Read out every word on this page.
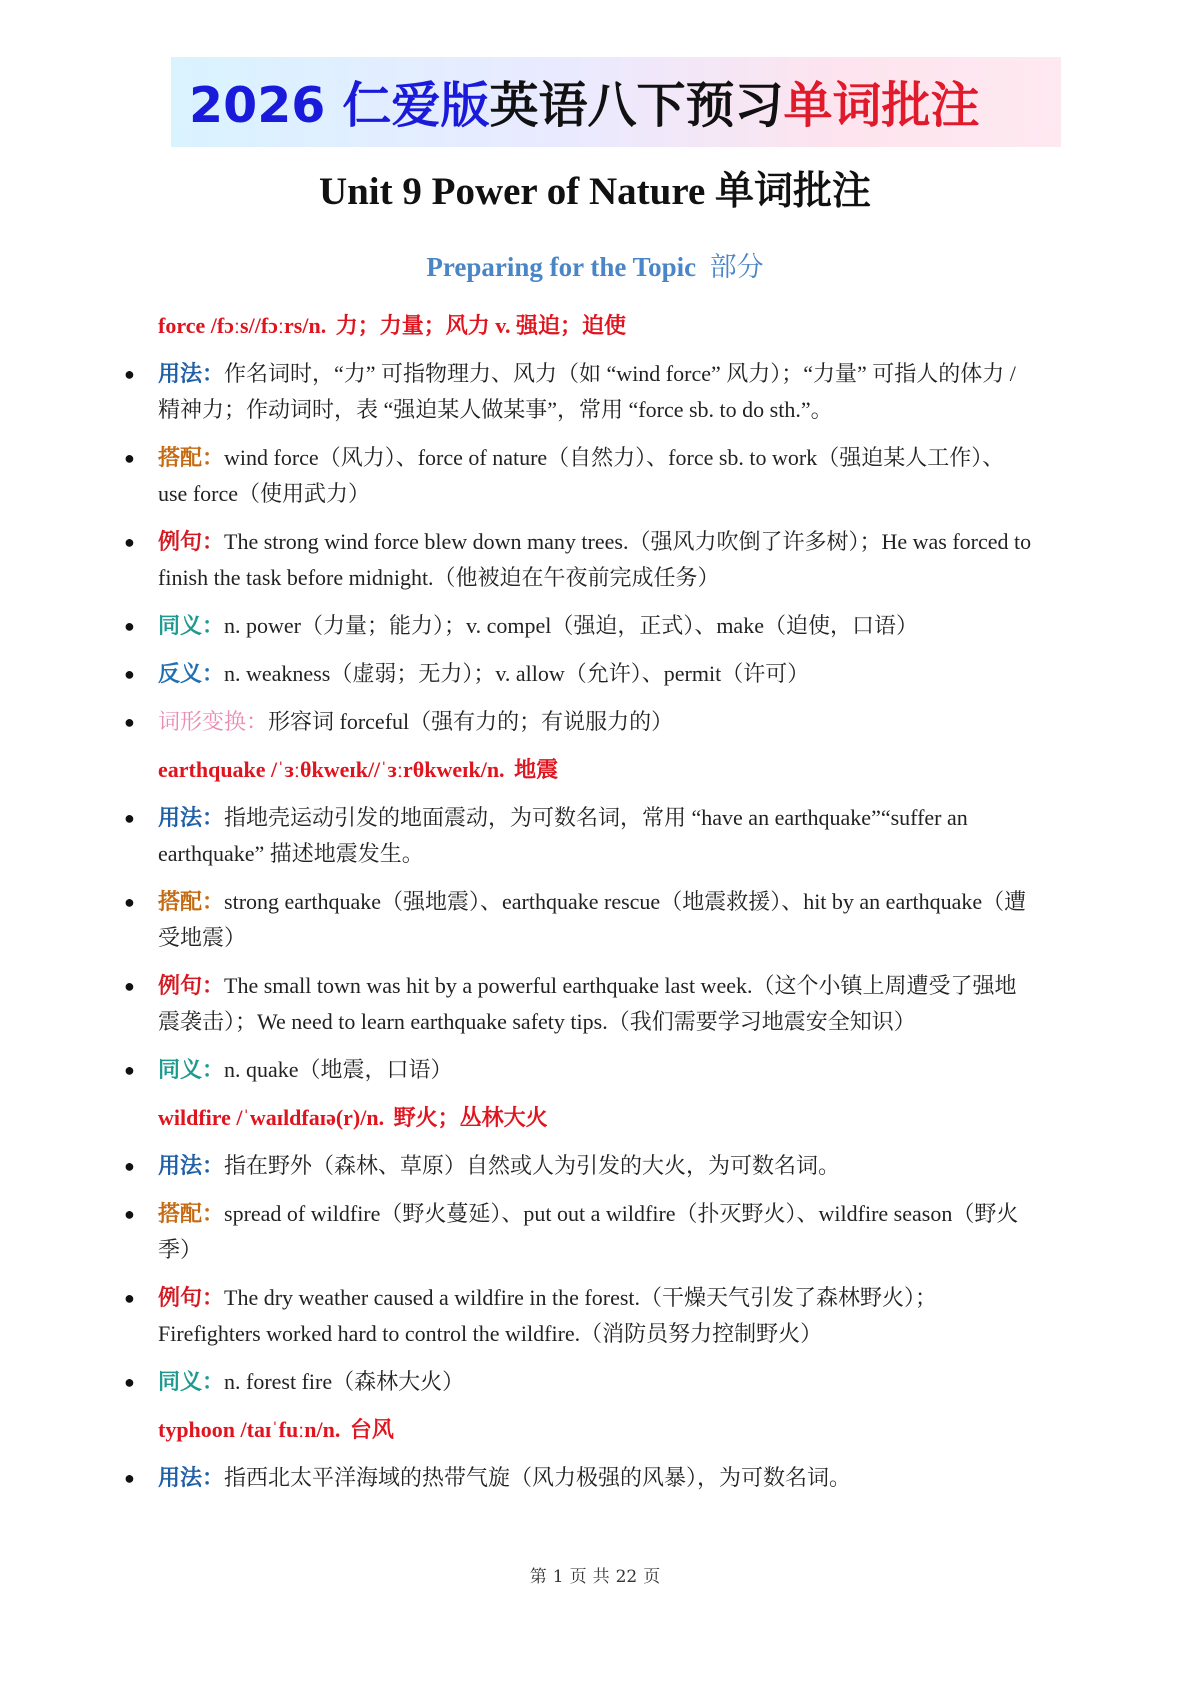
2026 仁爱版 英语八下预习 单词批注
Unit 9 Power of Nature 单词批注
Preparing for the Topic 部分
force /fɔːs//fɔːrs/n. 力；力量；风力 v. 强迫；迫使
● 用法：作名词时，“力” 可指物理力、风力（如 “wind force” 风力）；“力量” 可指人的体力 / 精神力；作动词时，表 “强迫某人做某事”，常用 “force sb. to do sth.”。
● 搭配：wind force（风力）、force of nature（自然力）、force sb. to work（强迫某人工作）、use force（使用武力）
● 例句：The strong wind force blew down many trees.（强风力吹倒了许多树）；He was forced to finish the task before midnight.（他被迫在午夜前完成任务）
● 同义：n. power（力量；能力）；v. compel（强迫，正式）、make（迫使，口语）
● 反义：n. weakness（虚弱；无力）；v. allow（允许）、permit（许可）
● 词形变换：形容词 forceful（强有力的；有说服力的）
earthquake /ˈɜːθkweɪk//ˈɜːrθkweɪk/n. 地震
● 用法：指地壳运动引发的地面震动，为可数名词，常用 “have an earthquake”“suffer an earthquake” 描述地震发生。
● 搭配：strong earthquake（强地震）、earthquake rescue（地震救援）、hit by an earthquake（遭受地震）
● 例句：The small town was hit by a powerful earthquake last week.（这个小镇上周遭受了强地震袭击）；We need to learn earthquake safety tips.（我们需要学习地震安全知识）
● 同义：n. quake（地震，口语）
wildfire /ˈwaɪldfaɪə(r)/n. 野火；丛林大火
● 用法：指在野外（森林、草原）自然或人为引发的大火，为可数名词。
● 搭配：spread of wildfire（野火蔓延）、put out a wildfire（扑灭野火）、wildfire season（野火季）
● 例句：The dry weather caused a wildfire in the forest.（干燥天气引发了森林野火）；Firefighters worked hard to control the wildfire.（消防员努力控制野火）
● 同义：n. forest fire（森林大火）
typhoon /taɪˈfuːn/n. 台风
● 用法：指西北太平洋海域的热带气旋（风力极强的风暴），为可数名词。
第 1 页 共 22 页
